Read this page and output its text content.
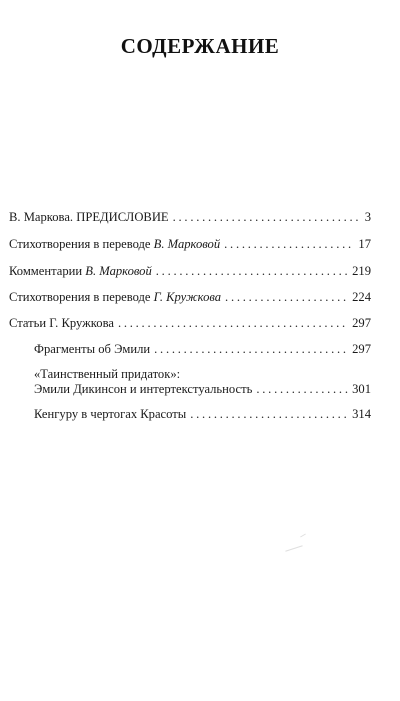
СОДЕРЖАНИЕ
В. Маркова. ПРЕДИСЛОВИЕ . . .	3
Стихотворения в переводе В. Марковой . . .	17
Комментарии В. Марковой . . .	219
Стихотворения в переводе Г. Кружкова . . .	224
Статьи Г. Кружкова . . .	297
Фрагменты об Эмили . . .	297
«Таинственный придаток»:
Эмили Дикинсон и интертекстуальность . . .	301
Кенгуру в чертогах Красоты . . .	314
